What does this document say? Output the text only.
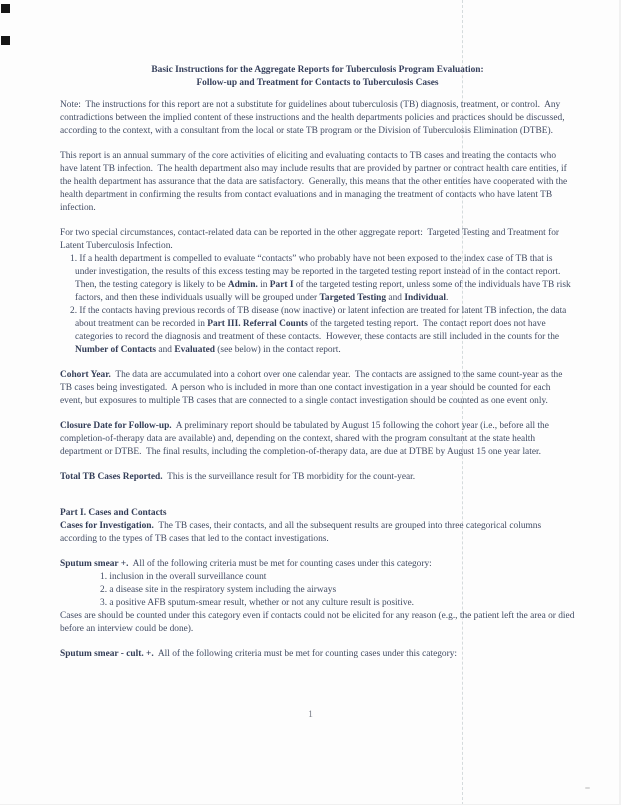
Basic Instructions for the Aggregate Reports for Tuberculosis Program Evaluation:
Follow-up and Treatment for Contacts to Tuberculosis Cases
Note:  The instructions for this report are not a substitute for guidelines about tuberculosis (TB) diagnosis, treatment, or control.  Any contradictions between the implied content of these instructions and the health departments policies and practices should be discussed, according to the context, with a consultant from the local or state TB program or the Division of Tuberculosis Elimination (DTBE).
This report is an annual summary of the core activities of eliciting and evaluating contacts to TB cases and treating the contacts who have latent TB infection.  The health department also may include results that are provided by partner or contract health care entities, if the health department has assurance that the data are satisfactory.  Generally, this means that the other entities have cooperated with the health department in confirming the results from contact evaluations and in managing the treatment of contacts who have latent TB infection.
For two special circumstances, contact-related data can be reported in the other aggregate report:  Targeted Testing and Treatment for Latent Tuberculosis Infection.
1. If a health department is compelled to evaluate “contacts” who probably have not been exposed to the index case of TB that is under investigation, the results of this excess testing may be reported in the targeted testing report instead of in the contact report.  Then, the testing category is likely to be Admin. in Part I of the targeted testing report, unless some of the individuals have TB risk factors, and then these individuals usually will be grouped under Targeted Testing and Individual.
2. If the contacts having previous records of TB disease (now inactive) or latent infection are treated for latent TB infection, the data about treatment can be recorded in Part III. Referral Counts of the targeted testing report.  The contact report does not have categories to record the diagnosis and treatment of these contacts.  However, these contacts are still included in the counts for the Number of Contacts and Evaluated (see below) in the contact report.
Cohort Year.  The data are accumulated into a cohort over one calendar year.  The contacts are assigned to the same count-year as the TB cases being investigated.  A person who is included in more than one contact investigation in a year should be counted for each event, but exposures to multiple TB cases that are connected to a single contact investigation should be counted as one event only.
Closure Date for Follow-up.  A preliminary report should be tabulated by August 15 following the cohort year (i.e., before all the completion-of-therapy data are available) and, depending on the context, shared with the program consultant at the state health department or DTBE.  The final results, including the completion-of-therapy data, are due at DTBE by August 15 one year later.
Total TB Cases Reported.  This is the surveillance result for TB morbidity for the count-year.
Part I. Cases and Contacts
Cases for Investigation.  The TB cases, their contacts, and all the subsequent results are grouped into three categorical columns according to the types of TB cases that led to the contact investigations.
Sputum smear +.  All of the following criteria must be met for counting cases under this category:
1. inclusion in the overall surveillance count
2. a disease site in the respiratory system including the airways
3. a positive AFB sputum-smear result, whether or not any culture result is positive.
Cases are should be counted under this category even if contacts could not be elicited for any reason (e.g., the patient left the area or died before an interview could be done).
Sputum smear - cult. +.  All of the following criteria must be met for counting cases under this category:
1
